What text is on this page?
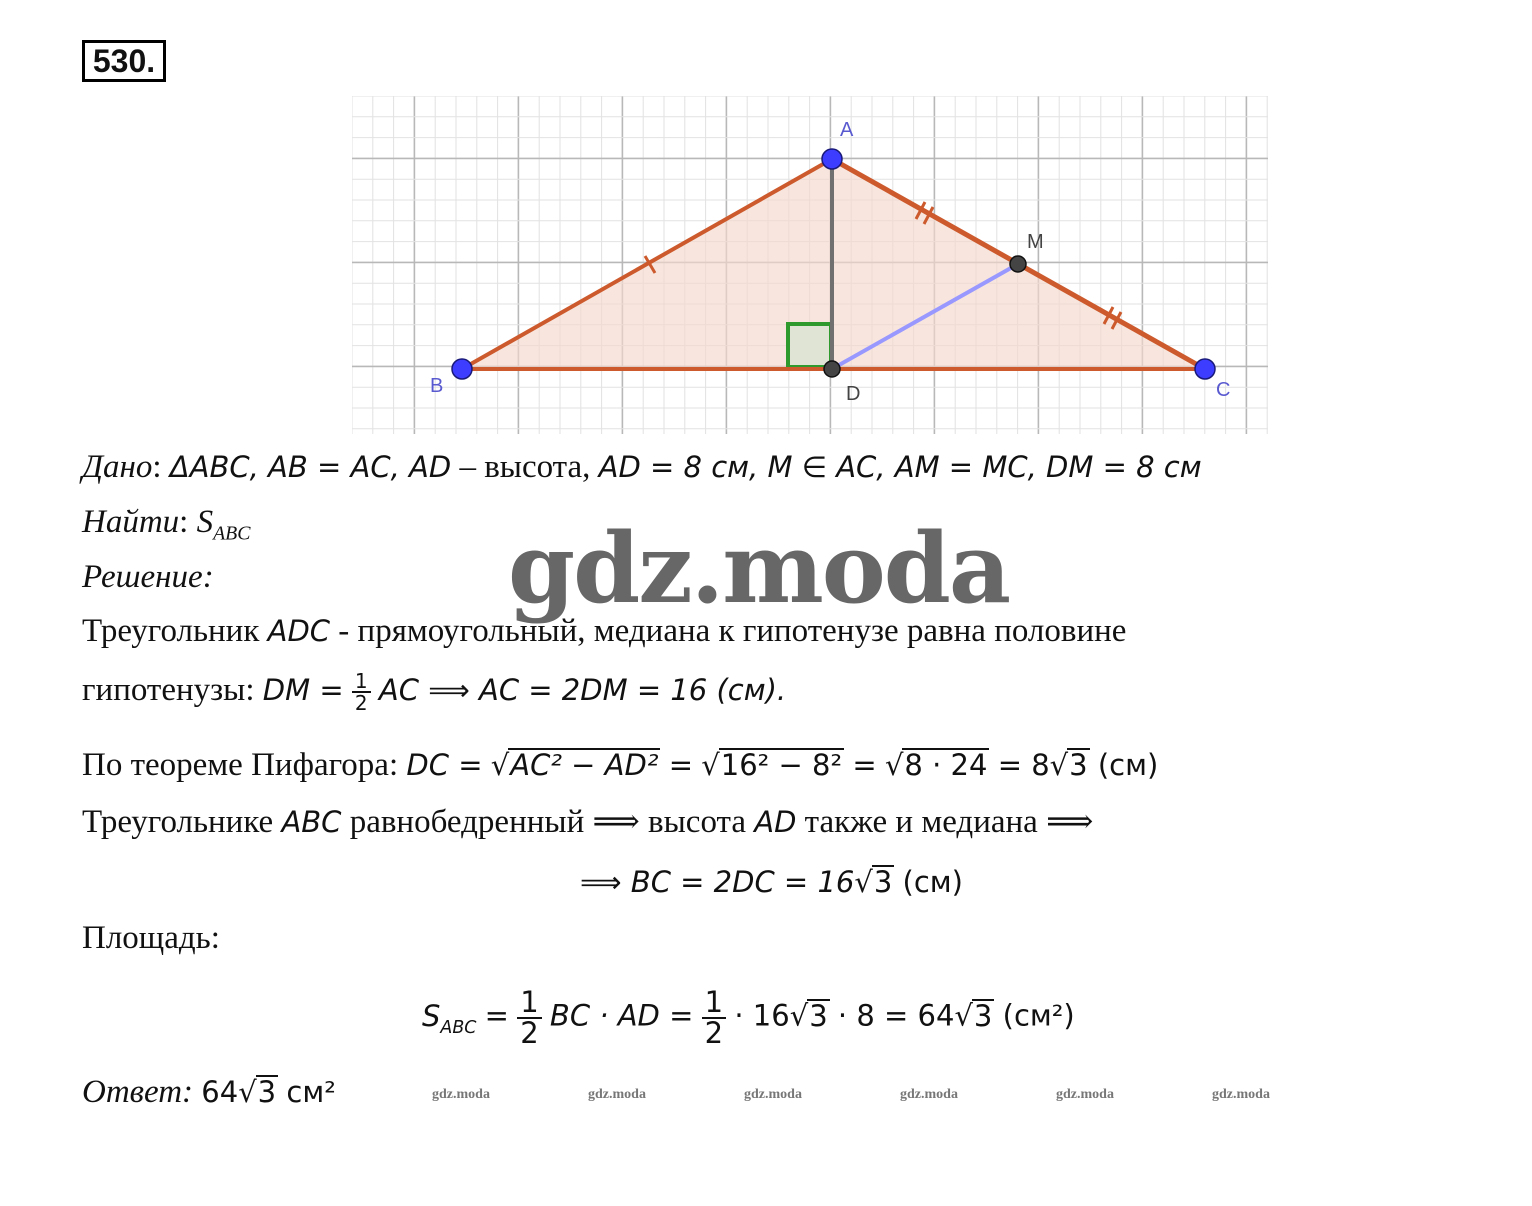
530.
A
B	C
D
M
Дано: ΔABC, AB = AC, AD – высота, AD = 8 см, M ∈ AC, AM = MC, DM = 8 см
Найти: $S_{ABC}$
Решение:	gdz.moda
Треугольник ADC - прямоугольный, медиана к гипотенузе равна половине
гипотенузы: DM = $\frac{1}{2}$ AC ⟹ AC = 2DM = 16 (см).
По теореме Пифагора: DC = √AC² − AD² = √16² − 8² = √8 · 24 = 8√3 (см)
Треугольнике ABC равнобедренный ⟹ высота AD также и медиана ⟹
⟹ BC = 2DC = 16√3 (см)
Площадь:
$S_{ABC} = \frac{1}{2}$ BC · AD = $\frac{1}{2} \cdot 16√3 \cdot 8 = 64√3$ (см²)
Ответ: 64√3 см²	gdz.moda	gdz.moda	gdz.moda	gdz.moda	gdz.moda	gdz.moda
